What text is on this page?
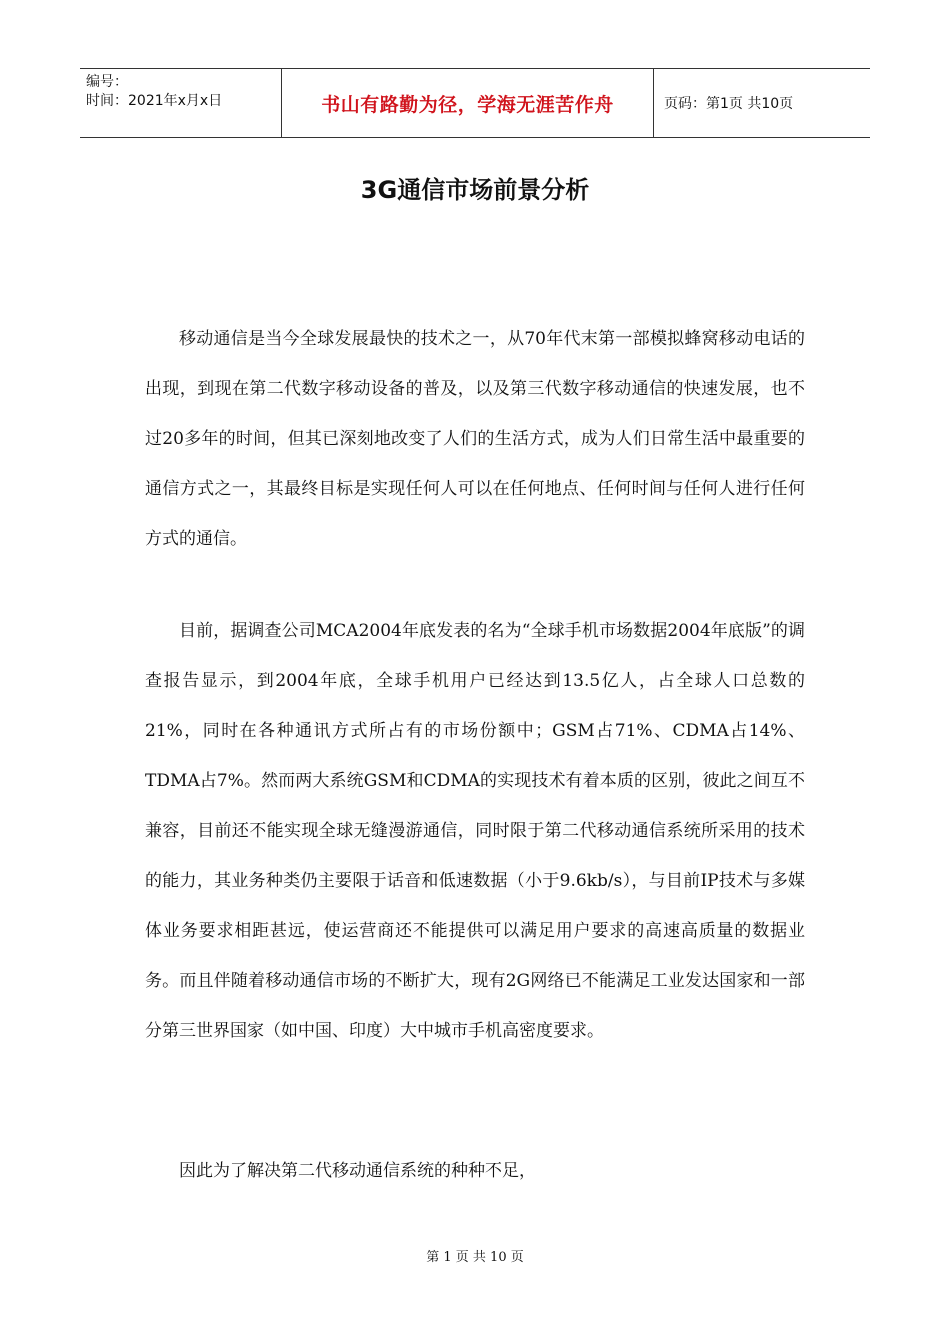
编号：
时间：2021年x月x日	书山有路勤为径，学海无涯苦作舟	页码：第1页 共10页
3G通信市场前景分析

移动通信是当今全球发展最快的技术之一，从70年代末第一部模拟蜂窝移动电话的出现，到现在第二代数字移动设备的普及，以及第三代数字移动通信的快速发展，也不过20多年的时间，但其已深刻地改变了人们的生活方式，成为人们日常生活中最重要的通信方式之一，其最终目标是实现任何人可以在任何地点、任何时间与任何人进行任何方式的通信。

目前，据调查公司MCA2004年底发表的名为“全球手机市场数据2004年底版”的调查报告显示，到2004年底，全球手机用户已经达到13.5亿人，占全球人口总数的21%，同时在各种通讯方式所占有的市场份额中；GSM占71%、CDMA占14%、TDMA占7%。然而两大系统GSM和CDMA的实现技术有着本质的区别，彼此之间互不兼容，目前还不能实现全球无缝漫游通信，同时限于第二代移动通信系统所采用的技术的能力，其业务种类仍主要限于话音和低速数据（小于9.6kb/s），与目前IP技术与多媒体业务要求相距甚远，使运营商还不能提供可以满足用户要求的高速高质量的数据业务。而且伴随着移动通信市场的不断扩大，现有2G网络已不能满足工业发达国家和一部分第三世界国家（如中国、印度）大中城市手机高密度要求。

因此为了解决第二代移动通信系统的种种不足，

第 1 页 共 10 页
